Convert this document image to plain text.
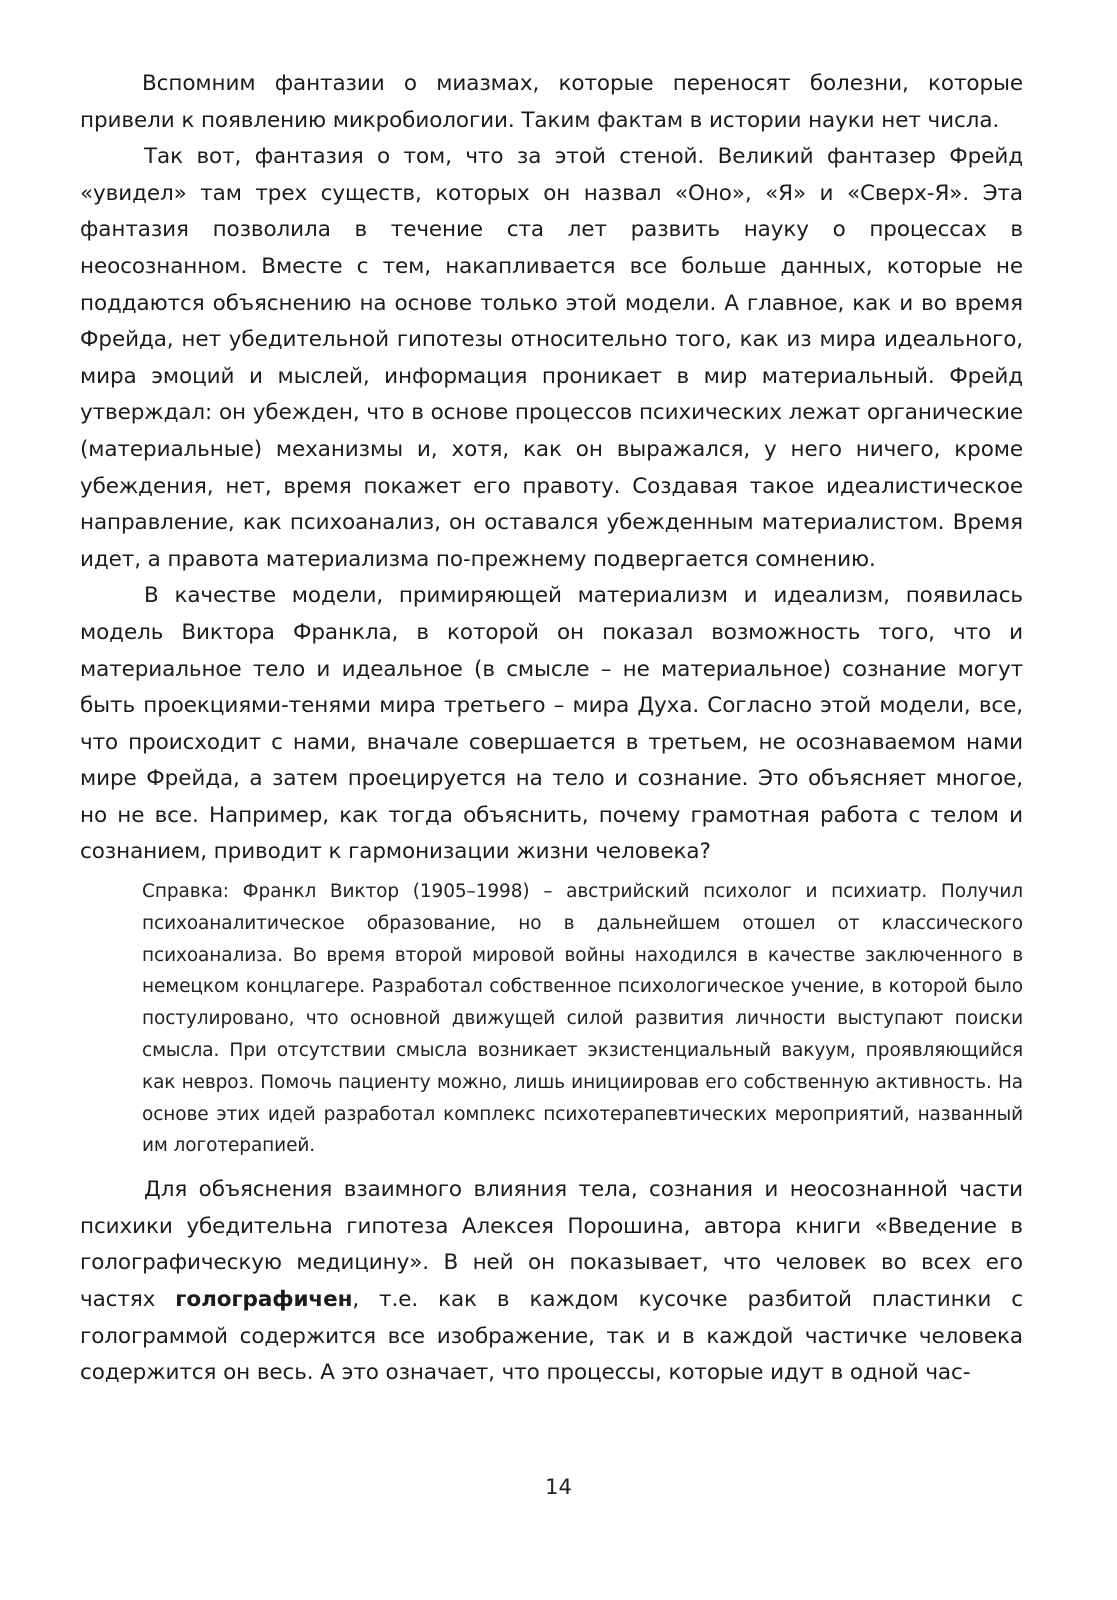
Вспомним фантазии о миазмах, которые переносят болезни, которые привели к появлению микробиологии. Таким фактам в истории науки нет числа.

Так вот, фантазия о том, что за этой стеной. Великий фантазер Фрейд «увидел» там трех существ, которых он назвал «Оно», «Я» и «Сверх-Я». Эта фантазия позволила в течение ста лет развить науку о процессах в неосознанном. Вместе с тем, накапливается все больше данных, которые не поддаются объяснению на основе только этой модели. А главное, как и во время Фрейда, нет убедительной гипотезы относительно того, как из мира идеального, мира эмоций и мыслей, информация проникает в мир материальный. Фрейд утверждал: он убежден, что в основе процессов психических лежат органические (материальные) механизмы и, хотя, как он выражался, у него ничего, кроме убеждения, нет, время покажет его правоту. Создавая такое идеалистическое направление, как психоанализ, он оставался убежденным материалистом. Время идет, а правота материализма по-прежнему подвергается сомнению.

В качестве модели, примиряющей материализм и идеализм, появилась модель Виктора Франкла, в которой он показал возможность того, что и материальное тело и идеальное (в смысле – не материальное) сознание могут быть проекциями-тенями мира третьего – мира Духа. Согласно этой модели, все, что происходит с нами, вначале совершается в третьем, не осознаваемом нами мире Фрейда, а затем проецируется на тело и сознание. Это объясняет многое, но не все. Например, как тогда объяснить, почему грамотная работа с телом и сознанием, приводит к гармонизации жизни человека?

Справка: Франкл Виктор (1905–1998) – австрийский психолог и психиатр. Получил психоаналитическое образование, но в дальнейшем отошел от классического психоанализа. Во время второй мировой войны находился в качестве заключенного в немецком концлагере. Разработал собственное психологическое учение, в которой было постулировано, что основной движущей силой развития личности выступают поиски смысла. При отсутствии смысла возникает экзистенциальный вакуум, проявляющийся как невроз. Помочь пациенту можно, лишь инициировав его собственную активность. На основе этих идей разработал комплекс психотерапевтических мероприятий, названный им логотерапией.

Для объяснения взаимного влияния тела, сознания и неосознанной части психики убедительна гипотеза Алексея Порошина, автора книги «Введение в голографическую медицину». В ней он показывает, что человек во всех его частях голографичен, т.е. как в каждом кусочке разбитой пластинки с голограммой содержится все изображение, так и в каждой частичке человека содержится он весь. А это означает, что процессы, которые идут в одной час-

14
